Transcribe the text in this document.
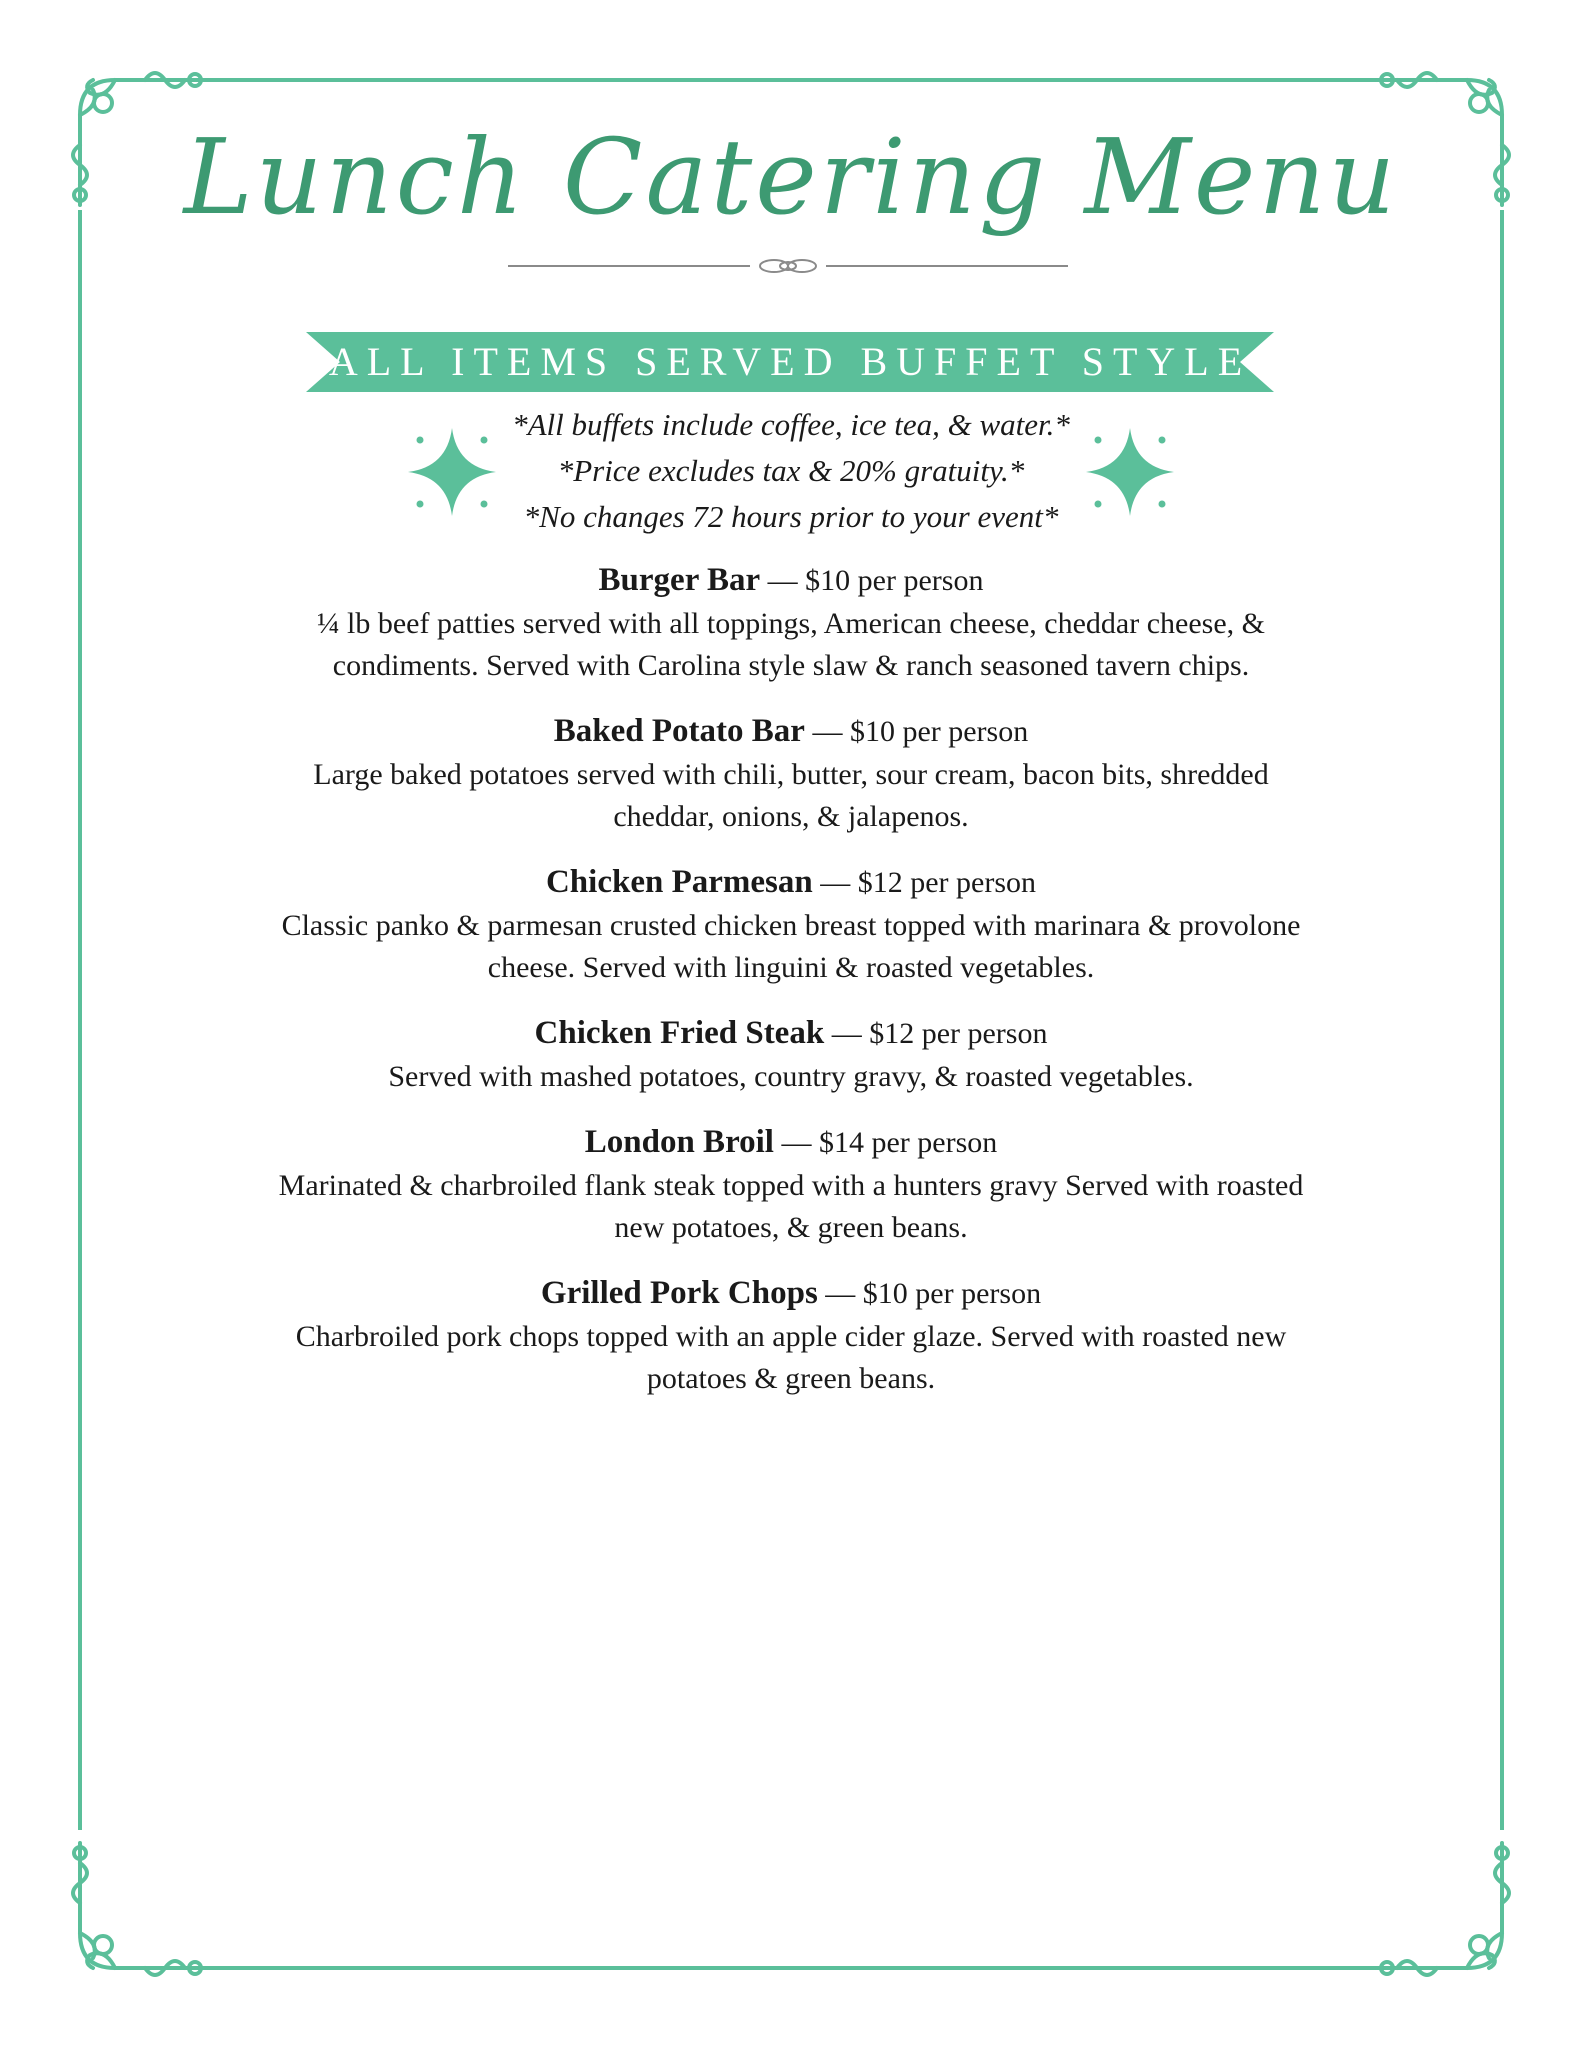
Lunch Catering Menu
ALL ITEMS SERVED BUFFET STYLE
*All buffets include coffee, ice tea, & water.*
*Price excludes tax & 20% gratuity.*
*No changes 72 hours prior to your event*
Burger Bar — $10 per person
¼ lb beef patties served with all toppings, American cheese, cheddar cheese, &
condiments. Served with Carolina style slaw & ranch seasoned tavern chips.
Baked Potato Bar — $10 per person
Large baked potatoes served with chili, butter, sour cream, bacon bits, shredded
cheddar, onions, & jalapenos.
Chicken Parmesan — $12 per person
Classic panko & parmesan crusted chicken breast topped with marinara & provolone
cheese. Served with linguini & roasted vegetables.
Chicken Fried Steak — $12 per person
Served with mashed potatoes, country gravy, & roasted vegetables.
London Broil — $14 per person
Marinated & charbroiled flank steak topped with a hunters gravy Served with roasted
new potatoes, & green beans.
Grilled Pork Chops — $10 per person
Charbroiled pork chops topped with an apple cider glaze. Served with roasted new
potatoes & green beans.
